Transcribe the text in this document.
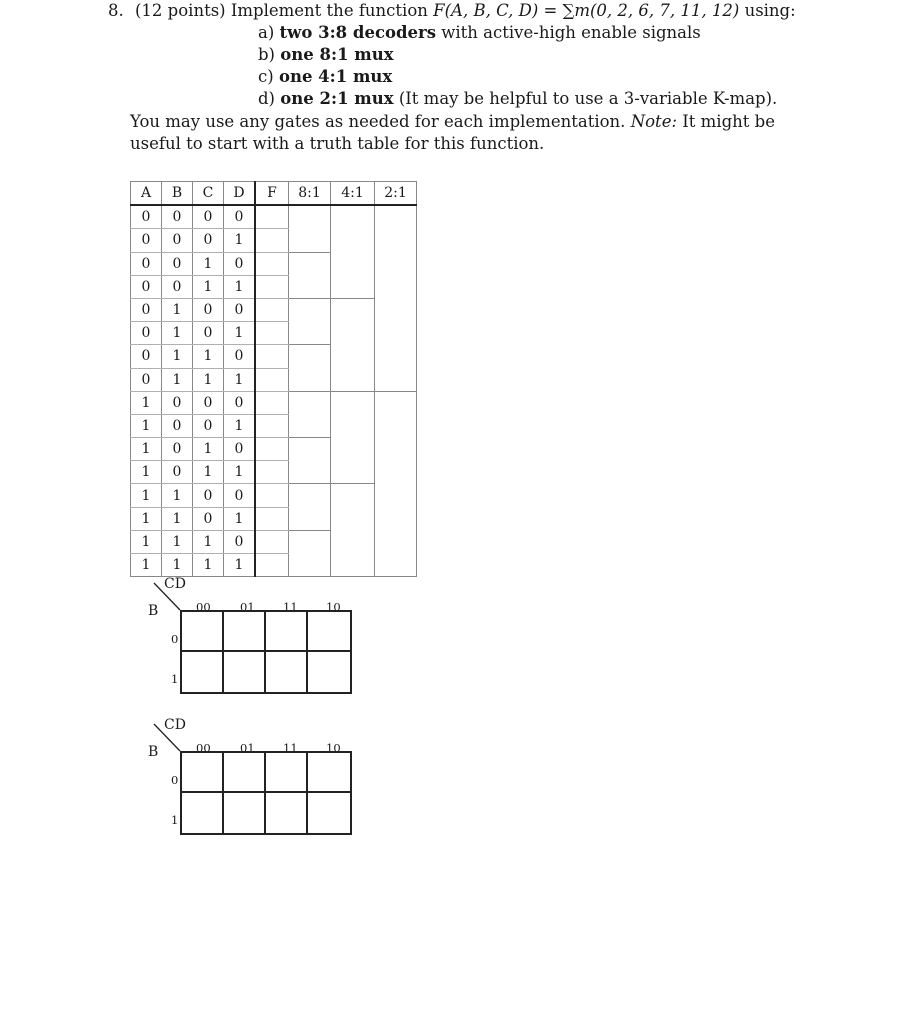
8. (12 points) Implement the function F(A, B, C, D) = ∑m(0, 2, 6, 7, 11, 12) using:
a) two 3:8 decoders with active-high enable signals
b) one 8:1 mux
c) one 4:1 mux
d) one 2:1 mux (It may be helpful to use a 3-variable K-map).
You may use any gates as needed for each implementation. Note: It might be useful to start with a truth table for this function.
A	B	C	D	F	8:1	4:1	2:1
0	0	0	0				
0	0	0	1				
0	0	1	0				
0	0	1	1				
0	1	0	0				
0	1	0	1				
0	1	1	0				
0	1	1	1				
1	0	0	0				
1	0	0	1				
1	0	1	0				
1	0	1	1				
1	1	0	0				
1	1	0	1				
1	1	1	0				
1	1	1	1				
CD
B	00	01 11 10
0
1
CD
B	00	01 11 10
0
1
